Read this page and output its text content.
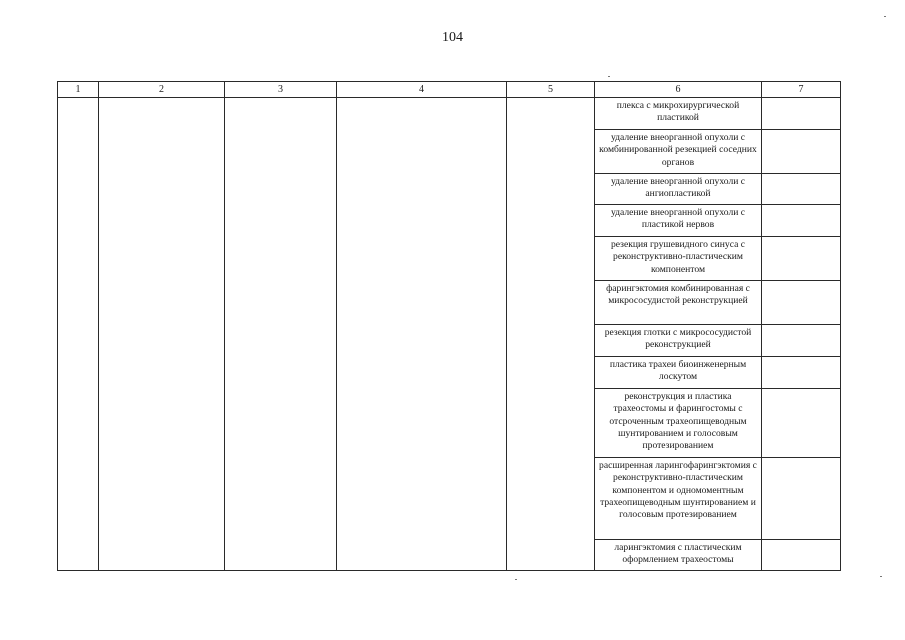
104
1	2	3	4	5	6	7
					плекса с микрохирургической пластикой	
					удаление внеорганной опухоли с комбинированной резекцией соседних органов	
					удаление внеорганной опухоли с ангиопластикой	
					удаление внеорганной опухоли с пластикой нервов	
					резекция грушевидного синуса с реконструктивно-пластическим компонентом	
					фарингэктомия комбинированная с микрососудистой реконструкцией	
					резекция глотки с микрососудистой реконструкцией	
					пластика трахеи биоинженерным лоскутом	
					реконструкция и пластика трахеостомы и фарингостомы с отсроченным трахеопищеводным шунтированием и голосовым протезированием	
					расширенная ларингофарингэктомия с реконструктивно-пластическим компонентом и одномоментным трахеопищеводным шунтированием и голосовым протезированием	
					ларингэктомия с пластическим оформлением трахеостомы	
